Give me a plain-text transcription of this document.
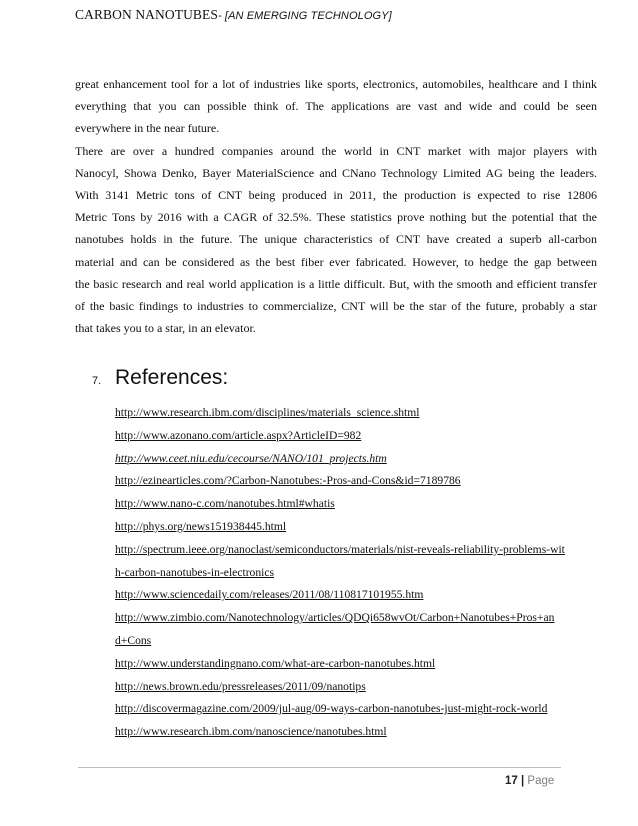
CARBON NANOTUBES- [AN EMERGING TECHNOLOGY]
great enhancement tool for a lot of industries like sports, electronics, automobiles, healthcare and I think
everything that you can possible think of. The applications are vast and wide and could be seen
everywhere in the near future.
There are over a hundred companies around the world in CNT market with major players with
Nanocyl, Showa Denko, Bayer MaterialScience and CNano Technology Limited AG being the leaders.
With 3141 Metric tons of CNT being produced in 2011, the production is expected to rise 12806
Metric Tons by 2016 with a CAGR of 32.5%. These statistics prove nothing but the potential that the
nanotubes holds in the future. The unique characteristics of CNT have created a superb all-carbon
material and can be considered as the best fiber ever fabricated. However, to hedge the gap between
the basic research and real world application is a little difficult. But, with the smooth and efficient transfer
of the basic findings to industries to commercialize, CNT will be the star of the future, probably a star
that takes you to a star, in an elevator.
7. References:
http://www.research.ibm.com/disciplines/materials_science.shtml
http://www.azonano.com/article.aspx?ArticleID=982
http://www.ceet.niu.edu/cecourse/NANO/101_projects.htm
http://ezinearticles.com/?Carbon-Nanotubes:-Pros-and-Cons&id=7189786
http://www.nano-c.com/nanotubes.html#whatis
http://phys.org/news151938445.html
http://spectrum.ieee.org/nanoclast/semiconductors/materials/nist-reveals-reliability-problems-wit
h-carbon-nanotubes-in-electronics
http://www.sciencedaily.com/releases/2011/08/110817101955.htm
http://www.zimbio.com/Nanotechnology/articles/QDQi658wvOt/Carbon+Nanotubes+Pros+an
d+Cons
http://www.understandingnano.com/what-are-carbon-nanotubes.html
http://news.brown.edu/pressreleases/2011/09/nanotips
http://discovermagazine.com/2009/jul-aug/09-ways-carbon-nanotubes-just-might-rock-world
http://www.research.ibm.com/nanoscience/nanotubes.html
17 | Page
